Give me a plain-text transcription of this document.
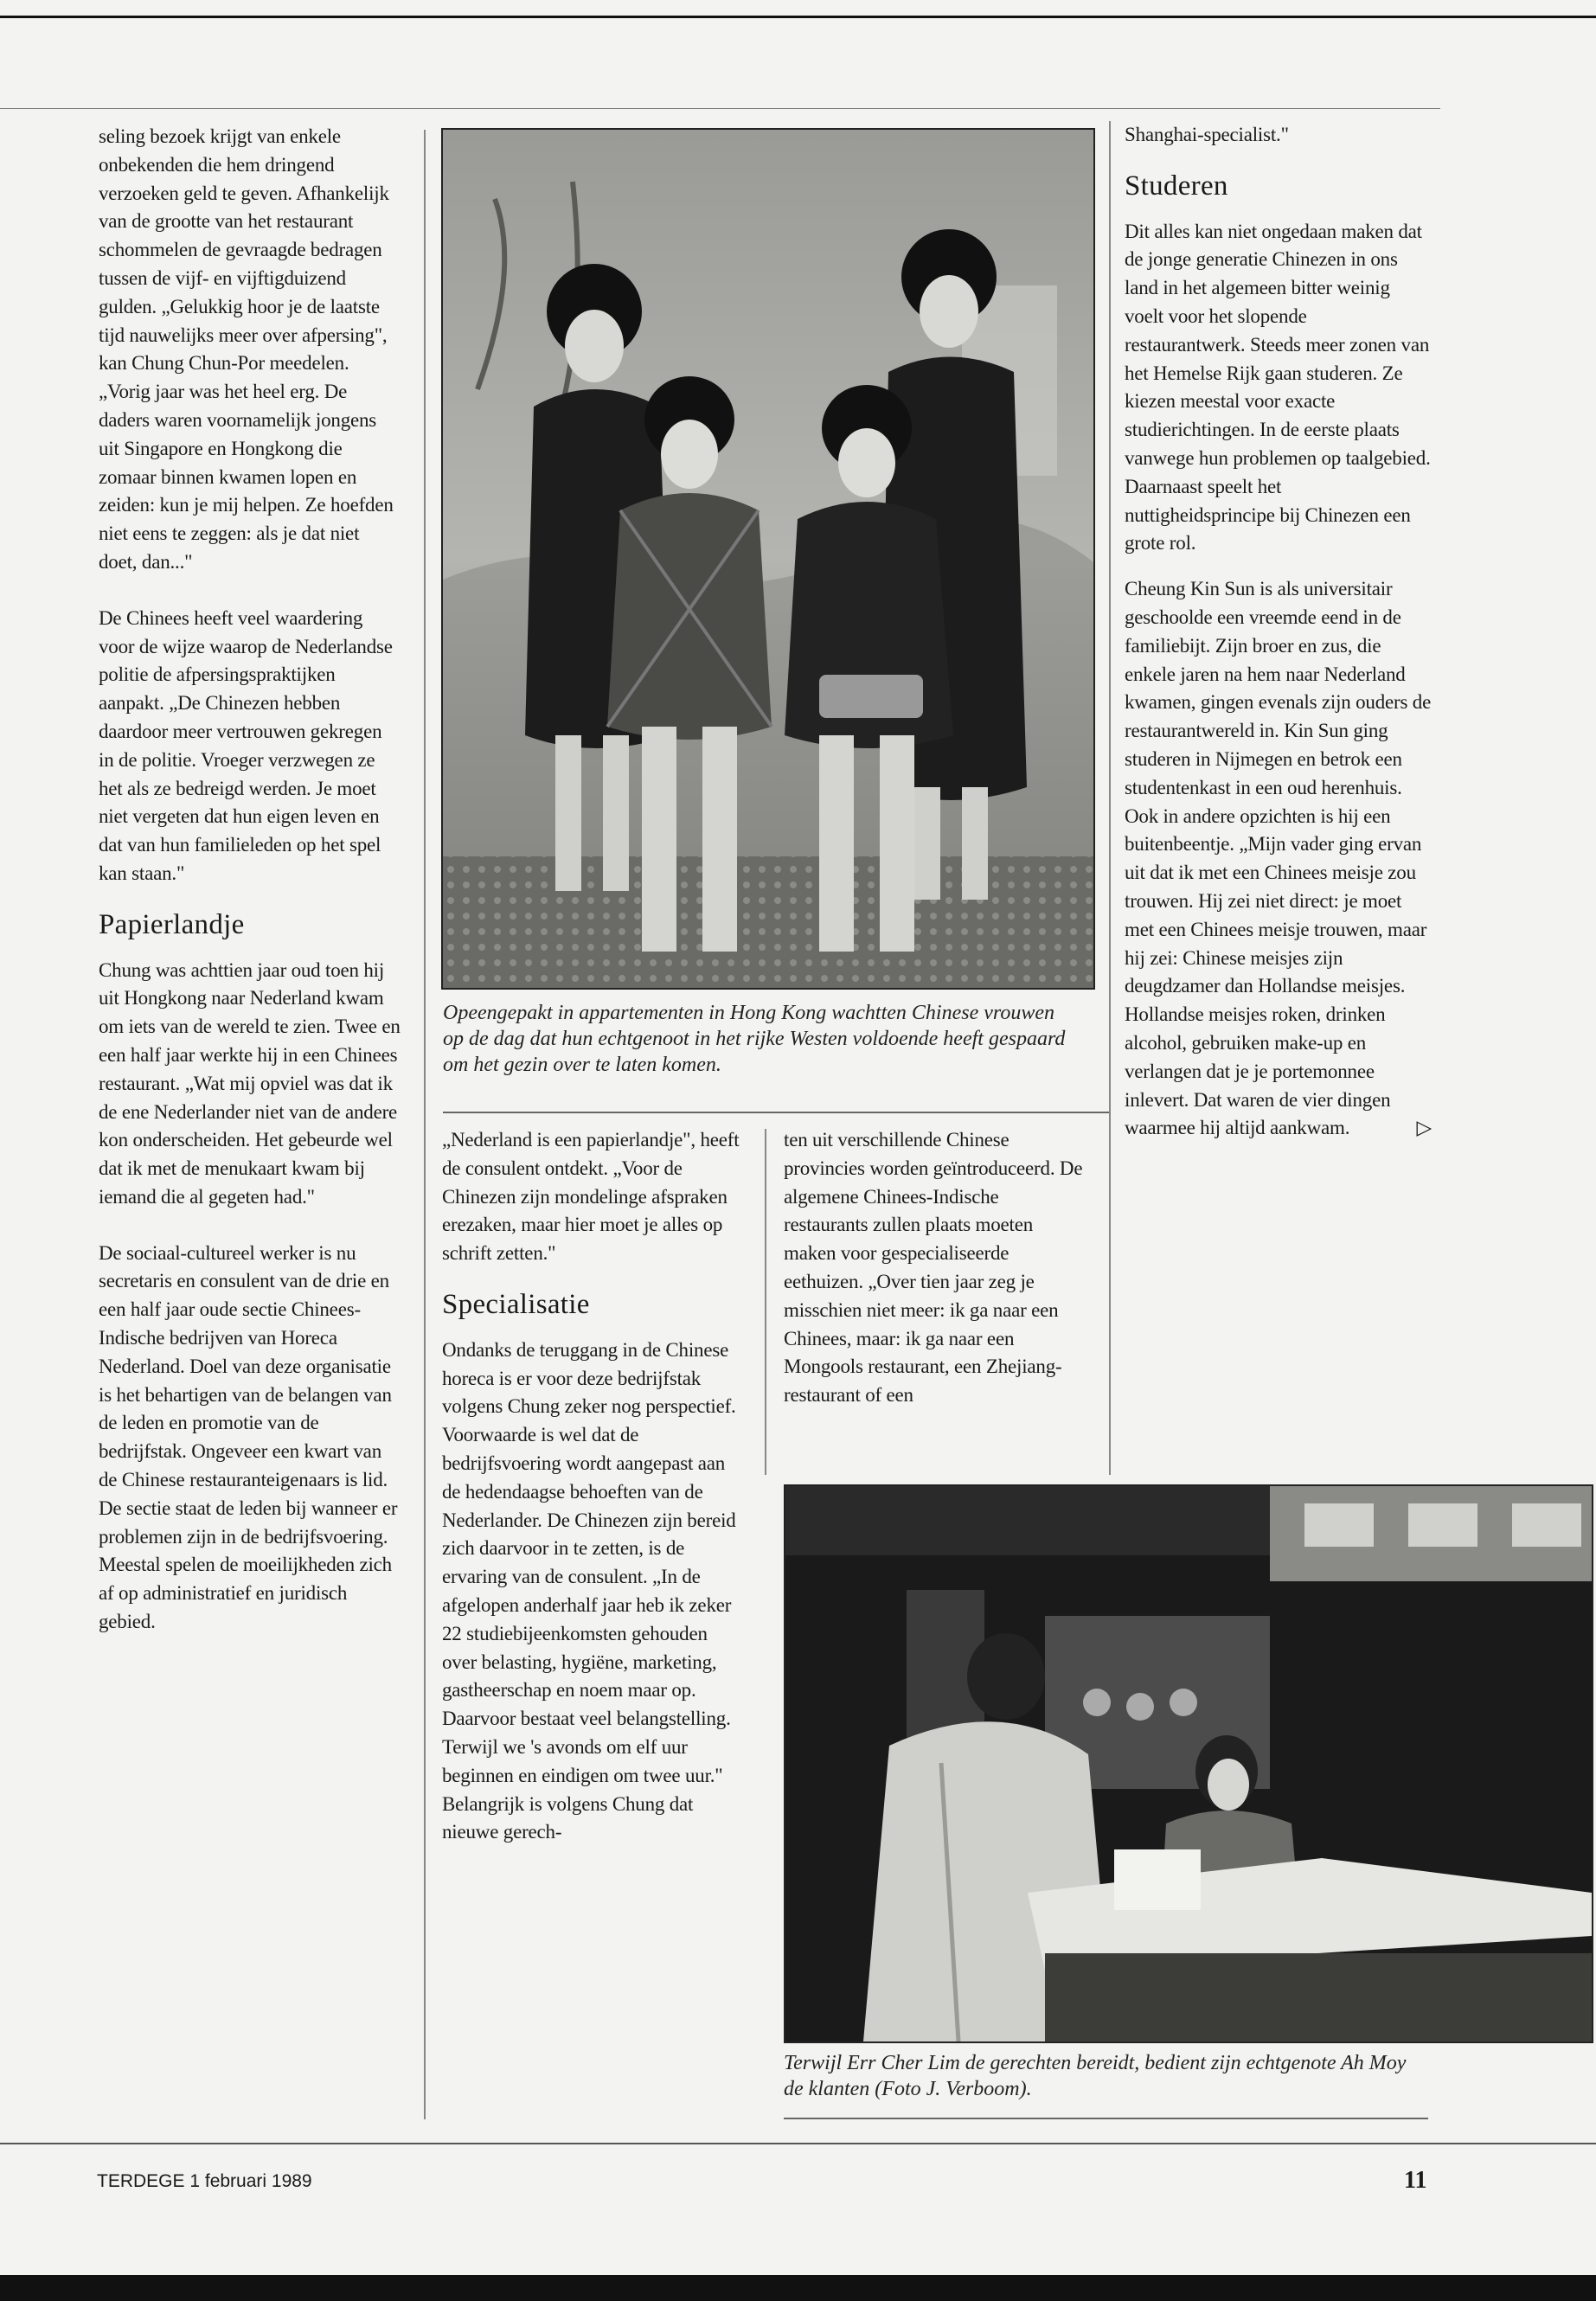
seling bezoek krijgt van enkele onbekenden die hem dringend verzoeken geld te geven. Afhankelijk van de grootte van het restaurant schommelen de gevraagde bedragen tussen de vijf- en vijftigduizend gulden. „Gelukkig hoor je de laatste tijd nauwelijks meer over afpersing", kan Chung Chun-Por meedelen. „Vorig jaar was het heel erg. De daders waren voornamelijk jongens uit Singapore en Hongkong die zomaar binnen kwamen lopen en zeiden: kun je mij helpen. Ze hoefden niet eens te zeggen: als je dat niet doet, dan..."

De Chinees heeft veel waardering voor de wijze waarop de Nederlandse politie de afpersingspraktijken aanpakt. „De Chinezen hebben daardoor meer vertrouwen gekregen in de politie. Vroeger verzwegen ze het als ze bedreigd werden. Je moet niet vergeten dat hun eigen leven en dat van hun familieleden op het spel kan staan."

Papierlandje

Chung was achttien jaar oud toen hij uit Hongkong naar Nederland kwam om iets van de wereld te zien. Twee en een half jaar werkte hij in een Chinees restaurant. „Wat mij opviel was dat ik de ene Nederlander niet van de andere kon onderscheiden. Het gebeurde wel dat ik met de menukaart kwam bij iemand die al gegeten had."

De sociaal-cultureel werker is nu secretaris en consulent van de drie en een half jaar oude sectie Chinees-Indische bedrijven van Horeca Nederland. Doel van deze organisatie is het behartigen van de belangen van de leden en promotie van de bedrijfstak. Ongeveer een kwart van de Chinese restauranteigenaars is lid. De sectie staat de leden bij wanneer er problemen zijn in de bedrijfsvoering. Meestal spelen de moeilijkheden zich af op administratief en juridisch gebied.

Opeengepakt in appartementen in Hong Kong wachtten Chinese vrouwen op de dag dat hun echtgenoot in het rijke Westen voldoende heeft gespaard om het gezin over te laten komen.

„Nederland is een papierlandje", heeft de consulent ontdekt. „Voor de Chinezen zijn mondelinge afspraken erezaken, maar hier moet je alles op schrift zetten."

Specialisatie

Ondanks de teruggang in de Chinese horeca is er voor deze bedrijfstak volgens Chung zeker nog perspectief. Voorwaarde is wel dat de bedrijfsvoering wordt aangepast aan de hedendaagse behoeften van de Nederlander. De Chinezen zijn bereid zich daarvoor in te zetten, is de ervaring van de consulent. „In de afgelopen anderhalf jaar heb ik zeker 22 studiebijeenkomsten gehouden over belasting, hygiëne, marketing, gastheerschap en noem maar op. Daarvoor bestaat veel belangstelling. Terwijl we 's avonds om elf uur beginnen en eindigen om twee uur."

Belangrijk is volgens Chung dat nieuwe gerech-

ten uit verschillende Chinese provincies worden geïntroduceerd. De algemene Chinees-Indische restaurants zullen plaats moeten maken voor gespecialiseerde eethuizen. „Over tien jaar zeg je misschien niet meer: ik ga naar een Chinees, maar: ik ga naar een Mongools restaurant, een Zhejiang-restaurant of een

Shanghai-specialist."

Studeren

Dit alles kan niet ongedaan maken dat de jonge generatie Chinezen in ons land in het algemeen bitter weinig voelt voor het slopende restaurantwerk. Steeds meer zonen van het Hemelse Rijk gaan studeren. Ze kiezen meestal voor exacte studierichtingen. In de eerste plaats vanwege hun problemen op taalgebied. Daarnaast speelt het nuttigheidsprincipe bij Chinezen een grote rol.

Cheung Kin Sun is als universitair geschoolde een vreemde eend in de familiebijt. Zijn broer en zus, die enkele jaren na hem naar Nederland kwamen, gingen evenals zijn ouders de restaurantwereld in. Kin Sun ging studeren in Nijmegen en betrok een studentenkast in een oud herenhuis. Ook in andere opzichten is hij een buitenbeentje. „Mijn vader ging ervan uit dat ik met een Chinees meisje zou trouwen. Hij zei niet direct: je moet met een Chinees meisje trouwen, maar hij zei: Chinese meisjes zijn deugdzamer dan Hollandse meisjes. Hollandse meisjes roken, drinken alcohol, gebruiken make-up en verlangen dat je je portemonnee inlevert. Dat waren de vier dingen waarmee hij altijd aankwam.	▷

Terwijl Err Cher Lim de gerechten bereidt, bedient zijn echtgenote Ah Moy de klanten (Foto J. Verboom).
TERDEGE 1 februari 1989	11
